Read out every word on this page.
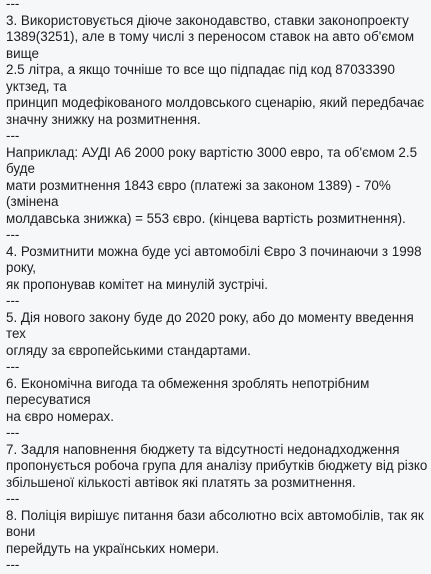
---
3. Використовується діюче законодавство, ставки законопроекту
1389(3251), але в тому числі з переносом ставок на авто об'ємом вище
2.5 літра, а якщо точніше то все що підпадає під код 87033390 уктзед, та
принцип модефікованого молдовського сценарію, який передбачає
значну знижку на розмитнення.
---
Наприклад: АУДІ А6 2000 року вартістю 3000 евро, та об'ємом 2.5 буде
мати розмитнення 1843 євро (платежі за законом 1389) - 70% (змінена
молдавська знижка) = 553 євро. (кінцева вартість розмитнення).
---
4. Розмитнити можна буде усі автомобілі Євро 3 починаючи з 1998 року,
як пропонував комітет на минулій зустрічі.
---
5. Дія нового закону буде до 2020 року, або до моменту введення тех
огляду за європейськими стандартами.
---
6. Економічна вигода та обмеження зроблять непотрібним пересуватися
на євро номерах.
---
7. Задля наповнення бюджету та відсутності недонадходження
пропонується робоча група для аналізу прибутків бюджету від різко
збільшеної кількості автівок які платять за розмитнення.
---
8. Поліція вирішує питання бази абсолютно всіх автомобілів, так як вони
перейдуть на українських номери.
---
